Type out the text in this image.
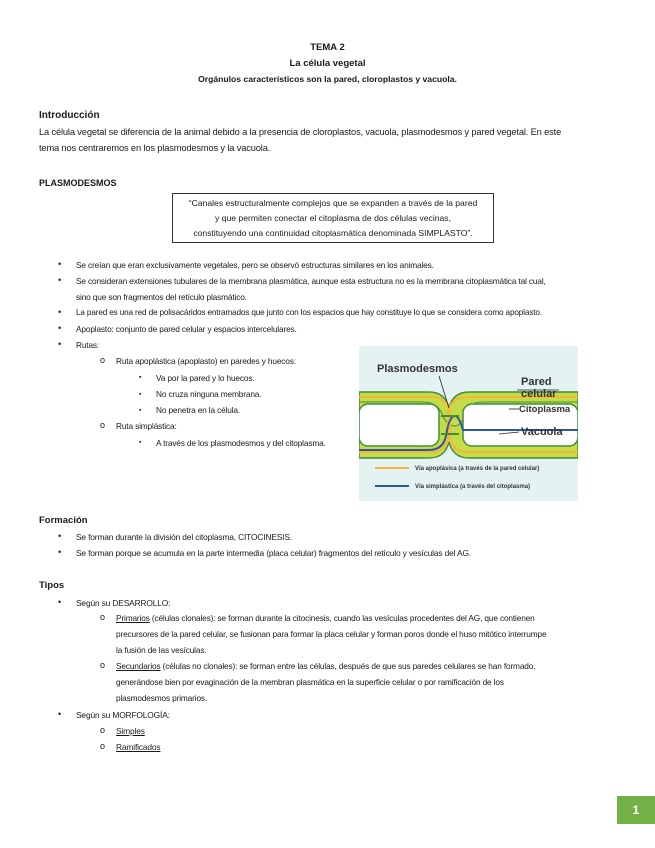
TEMA 2
La célula vegetal
Orgánulos característicos son la pared, cloroplastos y vacuola.
Introducción
La célula vegetal se diferencia de la animal debido a la presencia de cloroplastos, vacuola, plasmodesmos y pared vegetal. En este
tema nos centraremos en los plasmodesmos y la vacuola.
PLASMODESMOS
“Canales estructuralmente complejos que se expanden a través de la pared
y que permiten conectar el citoplasma de dos células vecinas,
constituyendo una continuidad citoplasmática denominada SIMPLASTO”.
• Se creían que eran exclusivamente vegetales, pero se observó estructuras similares en los animales.
• Se consideran extensiones tubulares de la membrana plasmática, aunque esta estructura no es la membrana citoplasmática tal cual,
sino que son fragmentos del retículo plasmático.
• La pared es una red de polisacáridos entramados que junto con los espacios que hay constituye lo que se considera como apoplasto.
• Apoplasto: conjunto de pared celular y espacios intercelulares.
• Rutas:
o Ruta apoplástica (apoplasto) en paredes y huecos:
▪ Va por la pared y lo huecos.
▪ No cruza ninguna membrana.
▪ No penetra en la célula.
o Ruta simplástica:
▪ A través de los plasmodesmos y del citoplasma.
Plasmodesmos
Pared
celular
Citoplasma
Vacuola
Vía apoplásica (a través de la pared celular)
Vía simplástica (a través del citoplasma)
Formación
• Se forman durante la división del citoplasma, CITOCINESIS.
• Se forman porque se acumula en la parte intermedia (placa celular) fragmentos del retículo y vesículas del AG.
Tipos
• Según su DESARROLLO:
o Primarios (células clonales): se forman durante la citocinesis, cuando las vesículas procedentes del AG, que contienen
precursores de la pared celular, se fusionan para formar la placa celular y forman poros donde el huso mitótico interrumpe
la fusión de las vesículas.
o Secundarios (células no clonales): se forman entre las células, después de que sus paredes celulares se han formado,
generándose bien por evaginación de la membran plasmática en la superficie celular o por ramificación de los
plasmodesmos primarios.
• Según su MORFOLOGÍA:
o Simples
o Ramificados
1
